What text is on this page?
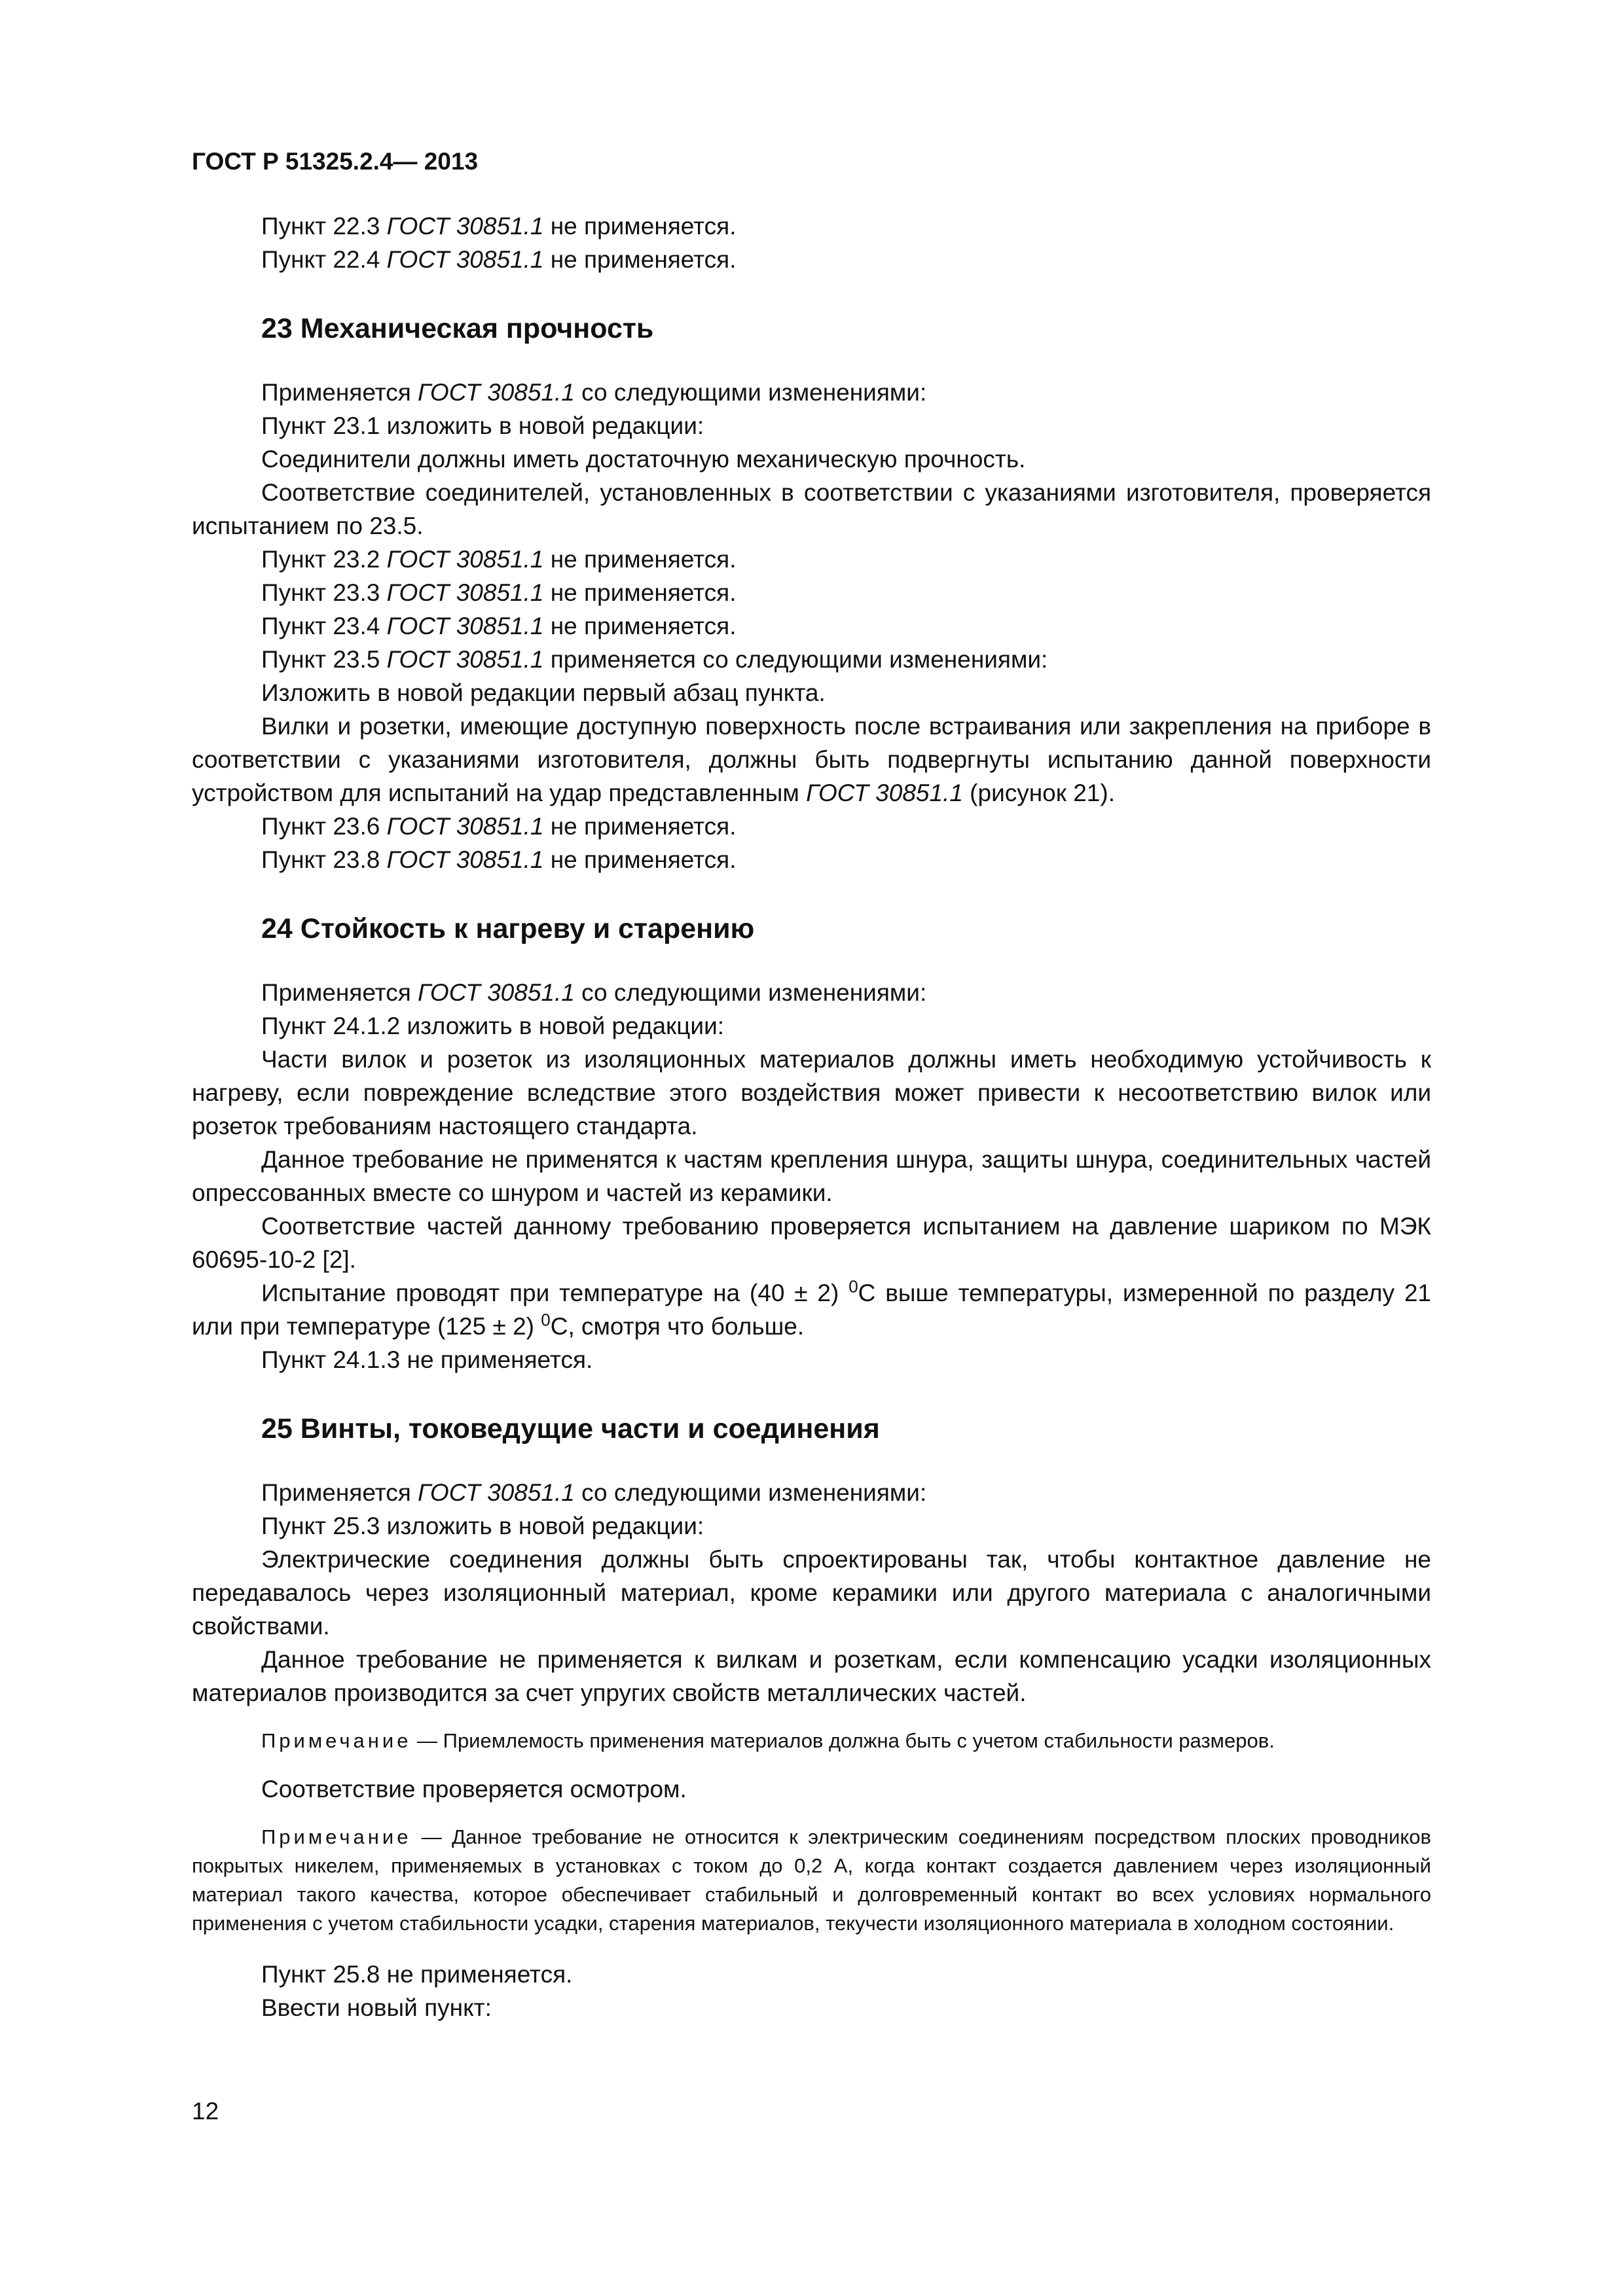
ГОСТ Р 51325.2.4— 2013

Пункт 22.3 ГОСТ 30851.1 не применяется.

Пункт 22.4 ГОСТ 30851.1 не применяется.

23 Механическая прочность

Применяется ГОСТ 30851.1 со следующими изменениями:

Пункт 23.1 изложить в новой редакции:

Соединители должны иметь достаточную механическую прочность.

Соответствие соединителей, установленных в соответствии с указаниями изготовителя, проверяется испытанием по 23.5.

Пункт 23.2 ГОСТ 30851.1 не применяется.

Пункт 23.3 ГОСТ 30851.1 не применяется.

Пункт 23.4 ГОСТ 30851.1 не применяется.

Пункт 23.5 ГОСТ 30851.1 применяется со следующими изменениями:

Изложить в новой редакции первый абзац пункта.

Вилки и розетки, имеющие доступную поверхность после встраивания или закрепления на приборе в соответствии с указаниями изготовителя, должны быть подвергнуты испытанию данной поверхности устройством для испытаний на удар представленным ГОСТ 30851.1 (рисунок 21).

Пункт 23.6 ГОСТ 30851.1 не применяется.

Пункт 23.8 ГОСТ 30851.1 не применяется.

24 Стойкость к нагреву и старению

Применяется ГОСТ 30851.1 со следующими изменениями:

Пункт 24.1.2 изложить в новой редакции:

Части вилок и розеток из изоляционных материалов должны иметь необходимую устойчивость к нагреву, если повреждение вследствие этого воздействия может привести к несоответствию вилок или розеток требованиям настоящего стандарта.

Данное требование не применятся к частям крепления шнура, защиты шнура, соединительных частей опрессованных вместе со шнуром и частей из керамики.

Соответствие частей данному требованию проверяется испытанием на давление шариком по МЭК 60695-10-2 [2].

Испытание проводят при температуре на (40 ± 2) $^0$С выше температуры, измеренной по разделу 21 или при температуре (125 ± 2) $^0$С, смотря что больше.

Пункт 24.1.3 не применяется.

25 Винты, токоведущие части и соединения

Применяется ГОСТ 30851.1 со следующими изменениями:

Пункт 25.3 изложить в новой редакции:

Электрические соединения должны быть спроектированы так, чтобы контактное давление не передавалось через изоляционный материал, кроме керамики или другого материала с аналогичными свойствами.

Данное требование не применяется к вилкам и розеткам, если компенсацию усадки изоляционных материалов производится за счет упругих свойств металлических частей.

Примечание — Приемлемость применения материалов должна быть с учетом стабильности размеров.

Соответствие проверяется осмотром.

Примечание — Данное требование не относится к электрическим соединениям посредством плоских проводников покрытых никелем, применяемых в установках с током до 0,2 А, когда контакт создается давлением через изоляционный материал такого качества, которое обеспечивает стабильный и долговременный контакт во всех условиях нормального применения с учетом стабильности усадки, старения материалов, текучести изоляционного материала в холодном состоянии.

Пункт 25.8 не применяется.

Ввести новый пункт:

12
